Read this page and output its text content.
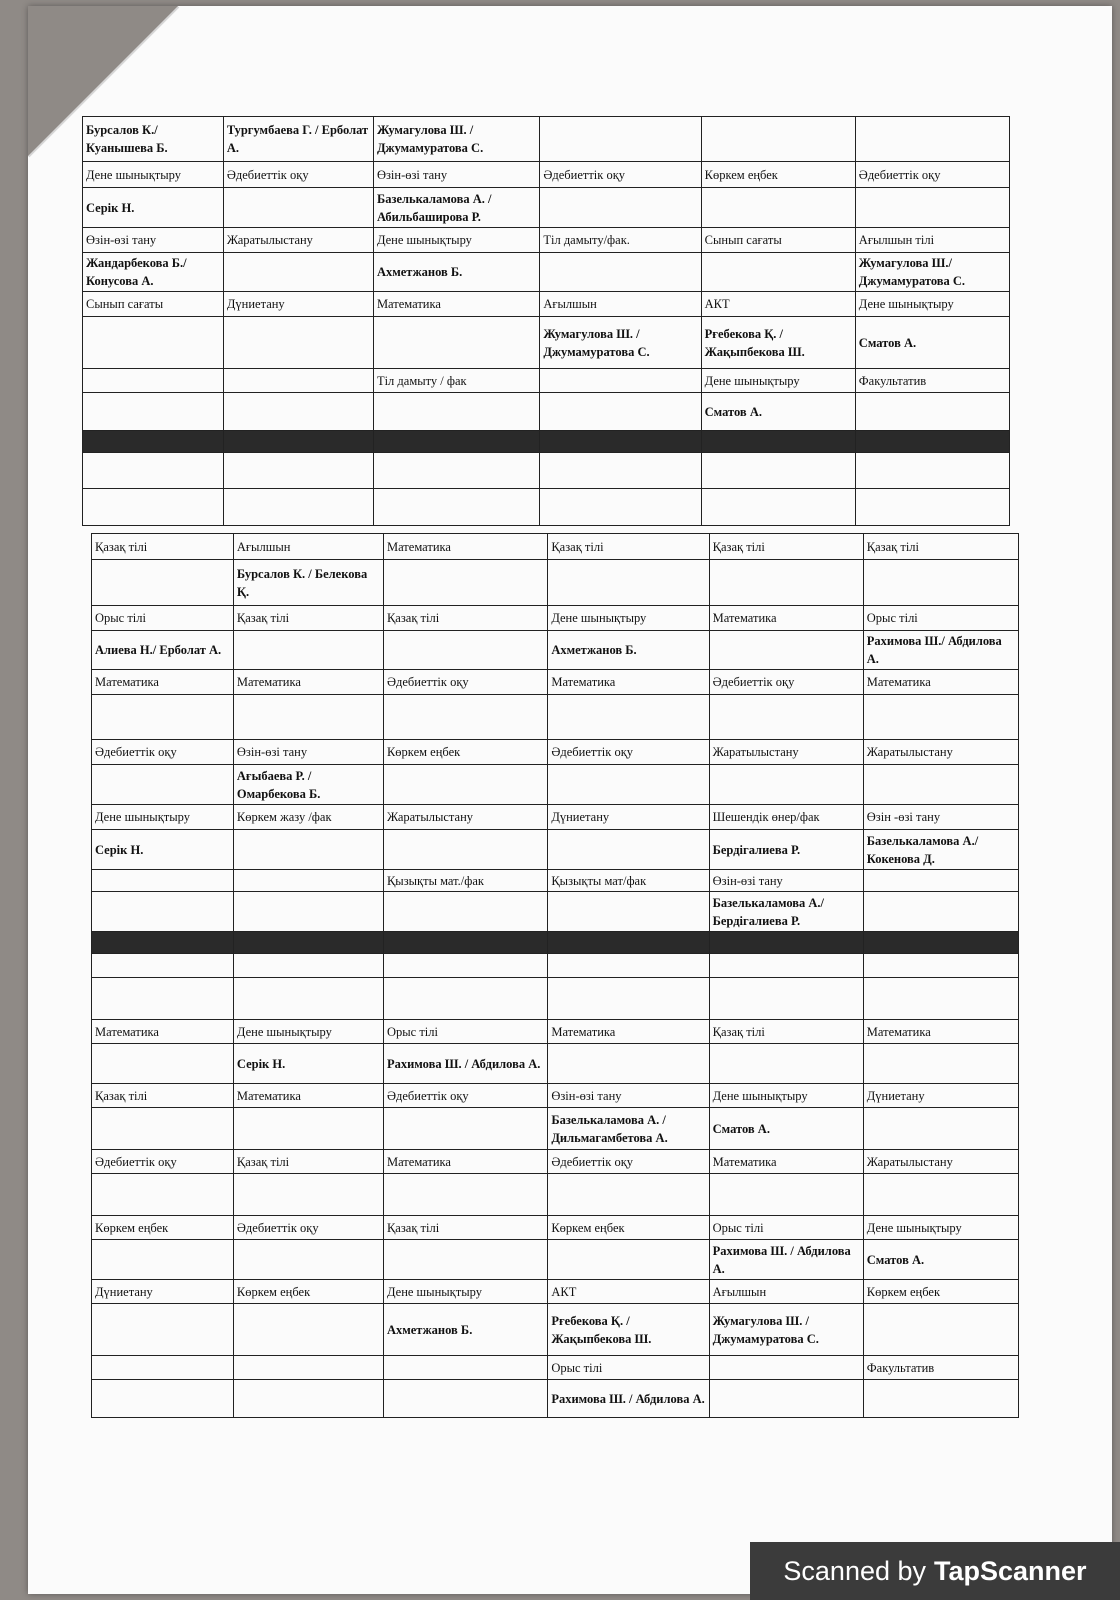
Бурсалов К./ Куанышева Б.	Тургумбаева Г. / Ерболат А.	Жумагулова Ш. / Джумамуратова С.			
Дене шынықтыру	Әдебиеттік оқу	Өзін-өзі тану	Әдебиеттік оқу	Көркем еңбек	Әдебиеттік оқу
Серік Н.		Базелькаламова А. / Абильбаширова Р.			
Өзін-өзі тану	Жаратылыстану	Дене шынықтыру	Тіл дамыту/фак.	Сынып сағаты	Ағылшын тілі
Жандарбекова Б./ Конусова А.		Ахметжанов Б.			Жумагулова Ш./ Джумамуратова С.
Сынып сағаты	Дүниетану	Математика	Ағылшын	АКТ	Дене шынықтыру
			Жумагулова Ш. / Джумамуратова С.	Рғебекова Қ. / Жақыпбекова Ш.	Сматов А.
		Тіл дамыту / фак		Дене шынықтыру	Факультатив
				Сматов А.	

Қазақ тілі	Ағылшын	Математика	Қазақ тілі	Қазақ тілі	Қазақ тілі
	Бурсалов К. / Белекова Қ.				
Орыс тілі	Қазақ тілі	Қазақ тілі	Дене шынықтыру	Математика	Орыс тілі
Алиева Н./ Ерболат А.			Ахметжанов Б.		Рахимова Ш./ Абдилова А.
Математика	Математика	Әдебиеттік оқу	Математика	Әдебиеттік оқу	Математика

Әдебиеттік оқу	Өзін-өзі тану	Көркем еңбек	Әдебиеттік оқу	Жаратылыстану	Жаратылыстану
	Ағыбаева Р. / Омарбекова Б.				
Дене шынықтыру	Көркем жазу /фак	Жаратылыстану	Дүниетану	Шешендік өнер/фак	Өзін -өзі тану
Серік Н.				Бердігалиева Р.	Базелькаламова А./ Кокенова Д.
		Қызықты мат./фак	Қызықты мат/фак	Өзін-өзі тану	
				Базелькаламова А./ Бердігалиева Р.	

Математика	Дене шынықтыру	Орыс тілі	Математика	Қазақ тілі	Математика
	Серік Н.	Рахимова Ш. / Абдилова А.			
Қазақ тілі	Математика	Әдебиеттік оқу	Өзін-өзі тану	Дене шынықтыру	Дүниетану
			Базелькаламова А. / Дильмагамбетова А.	Сматов А.	
Әдебиеттік оқу	Қазақ тілі	Математика	Әдебиеттік оқу	Математика	Жаратылыстану

Көркем еңбек	Әдебиеттік оқу	Қазақ тілі	Көркем еңбек	Орыс тілі	Дене шынықтыру
				Рахимова Ш. / Абдилова А.	Сматов А.
Дүниетану	Көркем еңбек	Дене шынықтыру	АКТ	Ағылшын	Көркем еңбек
		Ахметжанов Б.	Рғебекова Қ. / Жақыпбекова Ш.	Жумагулова Ш. / Джумамуратова С.	
			Орыс тілі		Факультатив
			Рахимова Ш. / Абдилова А.		
Scanned by TapScanner
